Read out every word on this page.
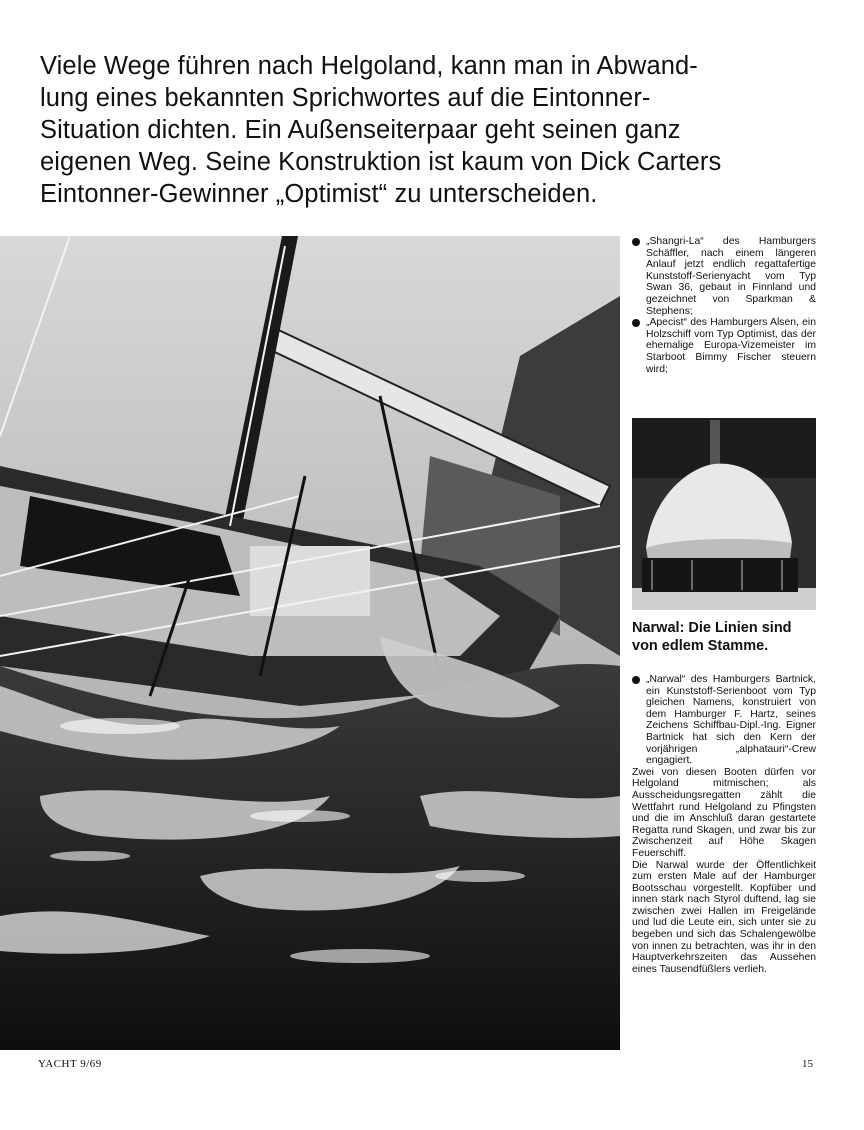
Viele Wege führen nach Helgoland, kann man in Abwand-
lung eines bekannten Sprichwortes auf die Eintonner-
Situation dichten. Ein Außenseiterpaar geht seinen ganz
eigenen Weg. Seine Konstruktion ist kaum von Dick Carters
Eintonner-Gewinner „Optimist“ zu unterscheiden.

„Shangri-La“ des Hamburgers Schäffler, nach einem längeren Anlauf jetzt endlich regattafertige Kunststoff-Serienyacht vom Typ Swan 36, gebaut in Finnland und gezeichnet von Sparkman & Stephens;

„Apecist“ des Hamburgers Alsen, ein Holzschiff vom Typ Optimist, das der ehemalige Europa-Vizemeister im Starboot Bimmy Fischer steuern wird;

Narwal: Die Linien sind
von edlem Stamme.

„Narwal“ des Hamburgers Bartnick, ein Kunststoff-Serienboot vom Typ gleichen Namens, konstruiert von dem Hamburger F. Hartz, seines Zeichens Schiffbau-Dipl.-Ing. Eigner Bartnick hat sich den Kern der vorjährigen „alphatauri“-Crew engagiert.

Zwei von diesen Booten dürfen vor Helgoland mitmischen; als Ausscheidungsregatten zählt die Wettfahrt rund Helgoland zu Pfingsten und die im Anschluß daran gestartete Regatta rund Skagen, und zwar bis zur Zwischenzeit auf Höhe Skagen Feuerschiff.

Die Narwal wurde der Öffentlichkeit zum ersten Male auf der Hamburger Bootsschau vorgestellt. Kopfüber und innen stark nach Styrol duftend, lag sie zwischen zwei Hallen im Freigelände und lud die Leute ein, sich unter sie zu begeben und sich das Schalengewölbe von innen zu betrachten, was ihr in den Hauptverkehrszeiten das Aussehen eines Tausendfüßlers verlieh.

YACHT 9/69	15
